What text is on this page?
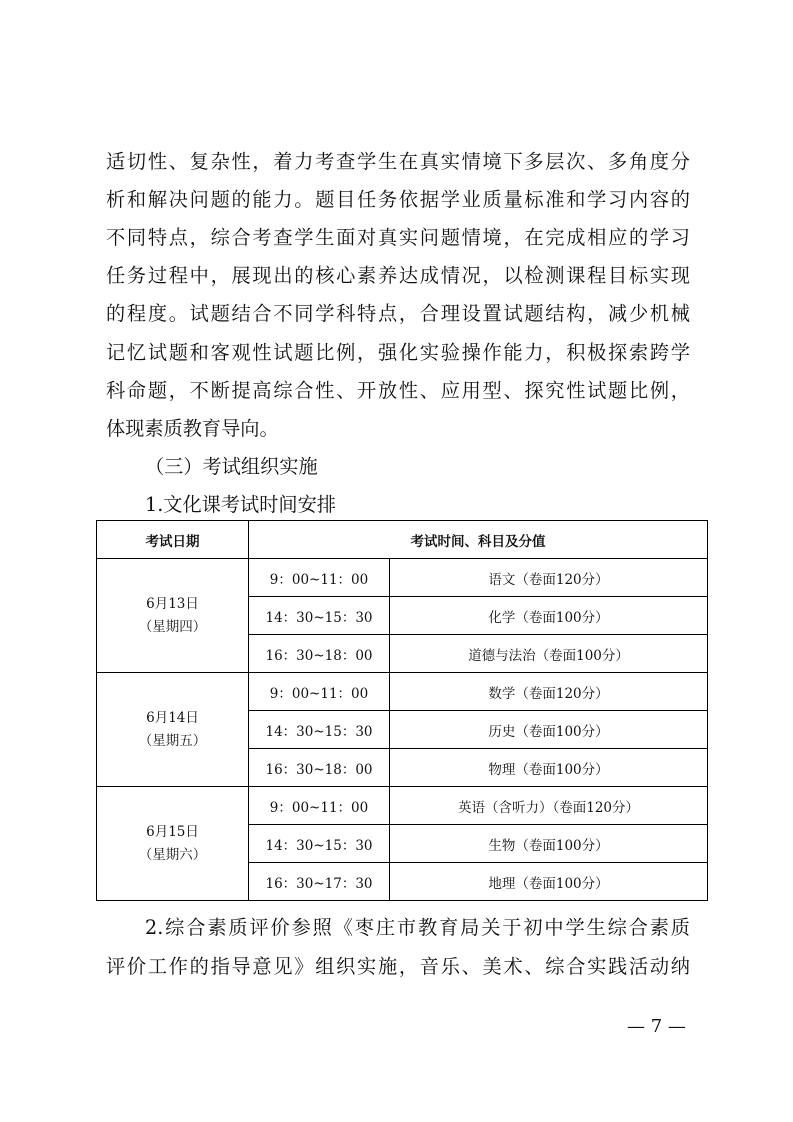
适切性、复杂性，着力考查学生在真实情境下多层次、多角度分
析和解决问题的能力。题目任务依据学业质量标准和学习内容的
不同特点，综合考查学生面对真实问题情境，在完成相应的学习
任务过程中，展现出的核心素养达成情况，以检测课程目标实现
的程度。试题结合不同学科特点，合理设置试题结构，减少机械
记忆试题和客观性试题比例，强化实验操作能力，积极探索跨学
科命题，不断提高综合性、开放性、应用型、探究性试题比例，
体现素质教育导向。
（三）考试组织实施
1.文化课考试时间安排
考试日期	考试时间、科目及分值	

6月13日
（星期四）	9：00~11：00	语文（卷面120分）
	14：30~15：30	化学（卷面100分）
	16：30~18：00	道德与法治（卷面100分）

6月14日
（星期五）	9：00~11：00	数学（卷面120分）
	14：30~15：30	历史（卷面100分）
	16：30~18：00	物理（卷面100分）

6月15日
（星期六）	9：00~11：00	英语（含听力）（卷面120分）
	14：30~15：30	生物（卷面100分）
	16：30~17：30	地理（卷面100分）
2.综合素质评价参照《枣庄市教育局关于初中学生综合素质
评价工作的指导意见》组织实施，音乐、美术、综合实践活动纳
— 7 —
